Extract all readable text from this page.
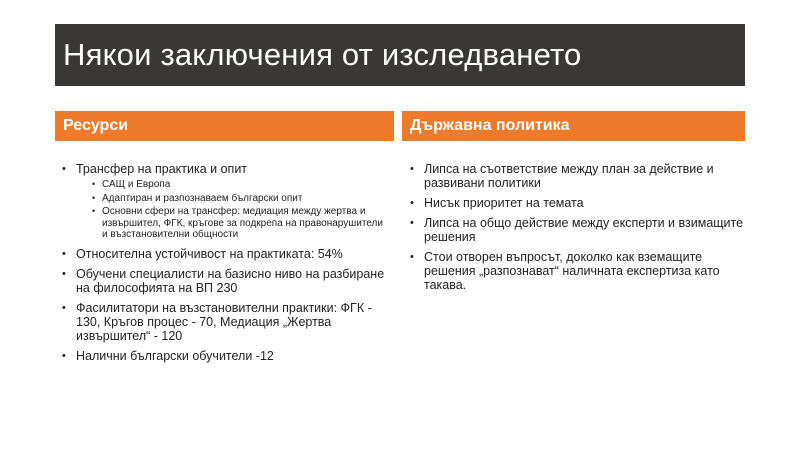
Някои заключения от изследването
Ресурси	Държавна политика
• Трансфер на практика и опит
• САЩ и Европа
• Адаптиран и разпознаваем български опит
• Основни сфери на трансфер: медиация между жертва и извършител, ФГК, кръгове за подкрепа на правонарушители и възстановителни общности
• Относителна устойчивост на практиката: 54%
• Обучени специалисти на базисно ниво на разбиране на философията на ВП 230
• Фасилитатори на възстановителни практики: ФГК - 130, Кръгов процес - 70, Медиация „Жертва извършител“ - 120
• Налични български обучители -12
• Липса на съответствие между план за действие и развивани политики
• Нисък приоритет на темата
• Липса на общо действие между експерти и взимащите решения
• Стои отворен въпросът, доколко как вземащите решения „разпознават“ наличната експертиза като такава.
